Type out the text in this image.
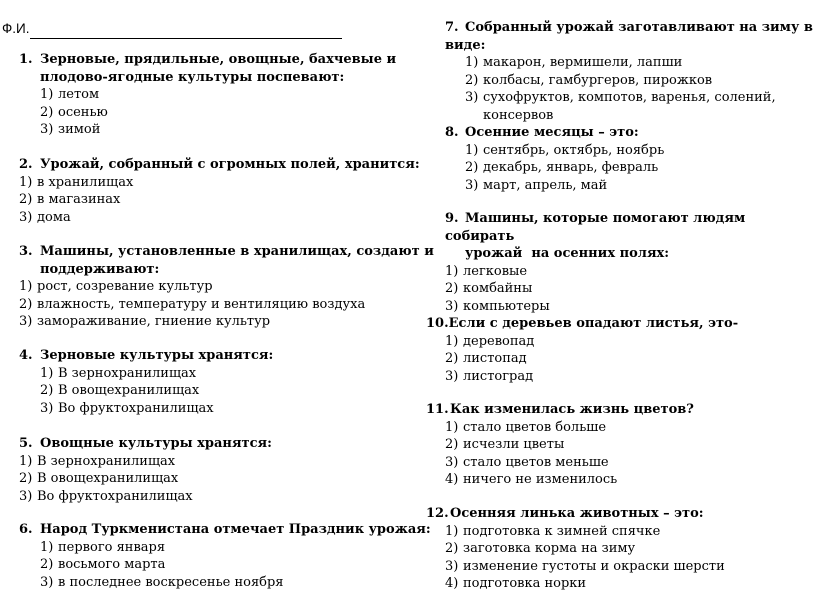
Ф.И.
1. Зерновые, прядильные, овощные, бахчевые и
плодово-ягодные культуры поспевают:
1) летом
2) осенью
3) зимой
2. Урожай, собранный с огромных полей, хранится:
1) в хранилищах
2) в магазинах
3) дома
3. Машины, установленные в хранилищах, создают и
поддерживают:
1) рост, созревание культур
2) влажность, температуру и вентиляцию воздуха
3) замораживание, гниение культур
4. Зерновые культуры хранятся:
1) В зернохранилищах
2) В овощехранилищах
3) Во фруктохранилищах
5. Овощные культуры хранятся:
1) В зернохранилищах
2) В овощехранилищах
3) Во фруктохранилищах
6. Народ Туркменистана отмечает Праздник урожая:
1) первого января
2) восьмого марта
3) в последнее воскресенье ноября
7. Собранный урожай заготавливают на зиму в виде:
1) макарон, вермишели, лапши
2) колбасы, гамбургеров, пирожков
3) сухофруктов, компотов, варенья, солений,
консервов
8. Осенние месяцы – это:
1) сентябрь, октябрь, ноябрь
2) декабрь, январь, февраль
3) март, апрель, май
9. Машины, которые помогают людям собирать
урожай  на осенних полях:
1) легковые
2) комбайны
3) компьютеры
10.Если с деревьев опадают листья, это-
1) деревопад
2) листопад
3) листоград
11.Как изменилась жизнь цветов?
1) стало цветов больше
2) исчезли цветы
3) стало цветов меньше
4) ничего не изменилось
12.Осенняя линька животных – это:
1) подготовка к зимней спячке
2) заготовка корма на зиму
3) изменение густоты и окраски шерсти
4) подготовка норки
